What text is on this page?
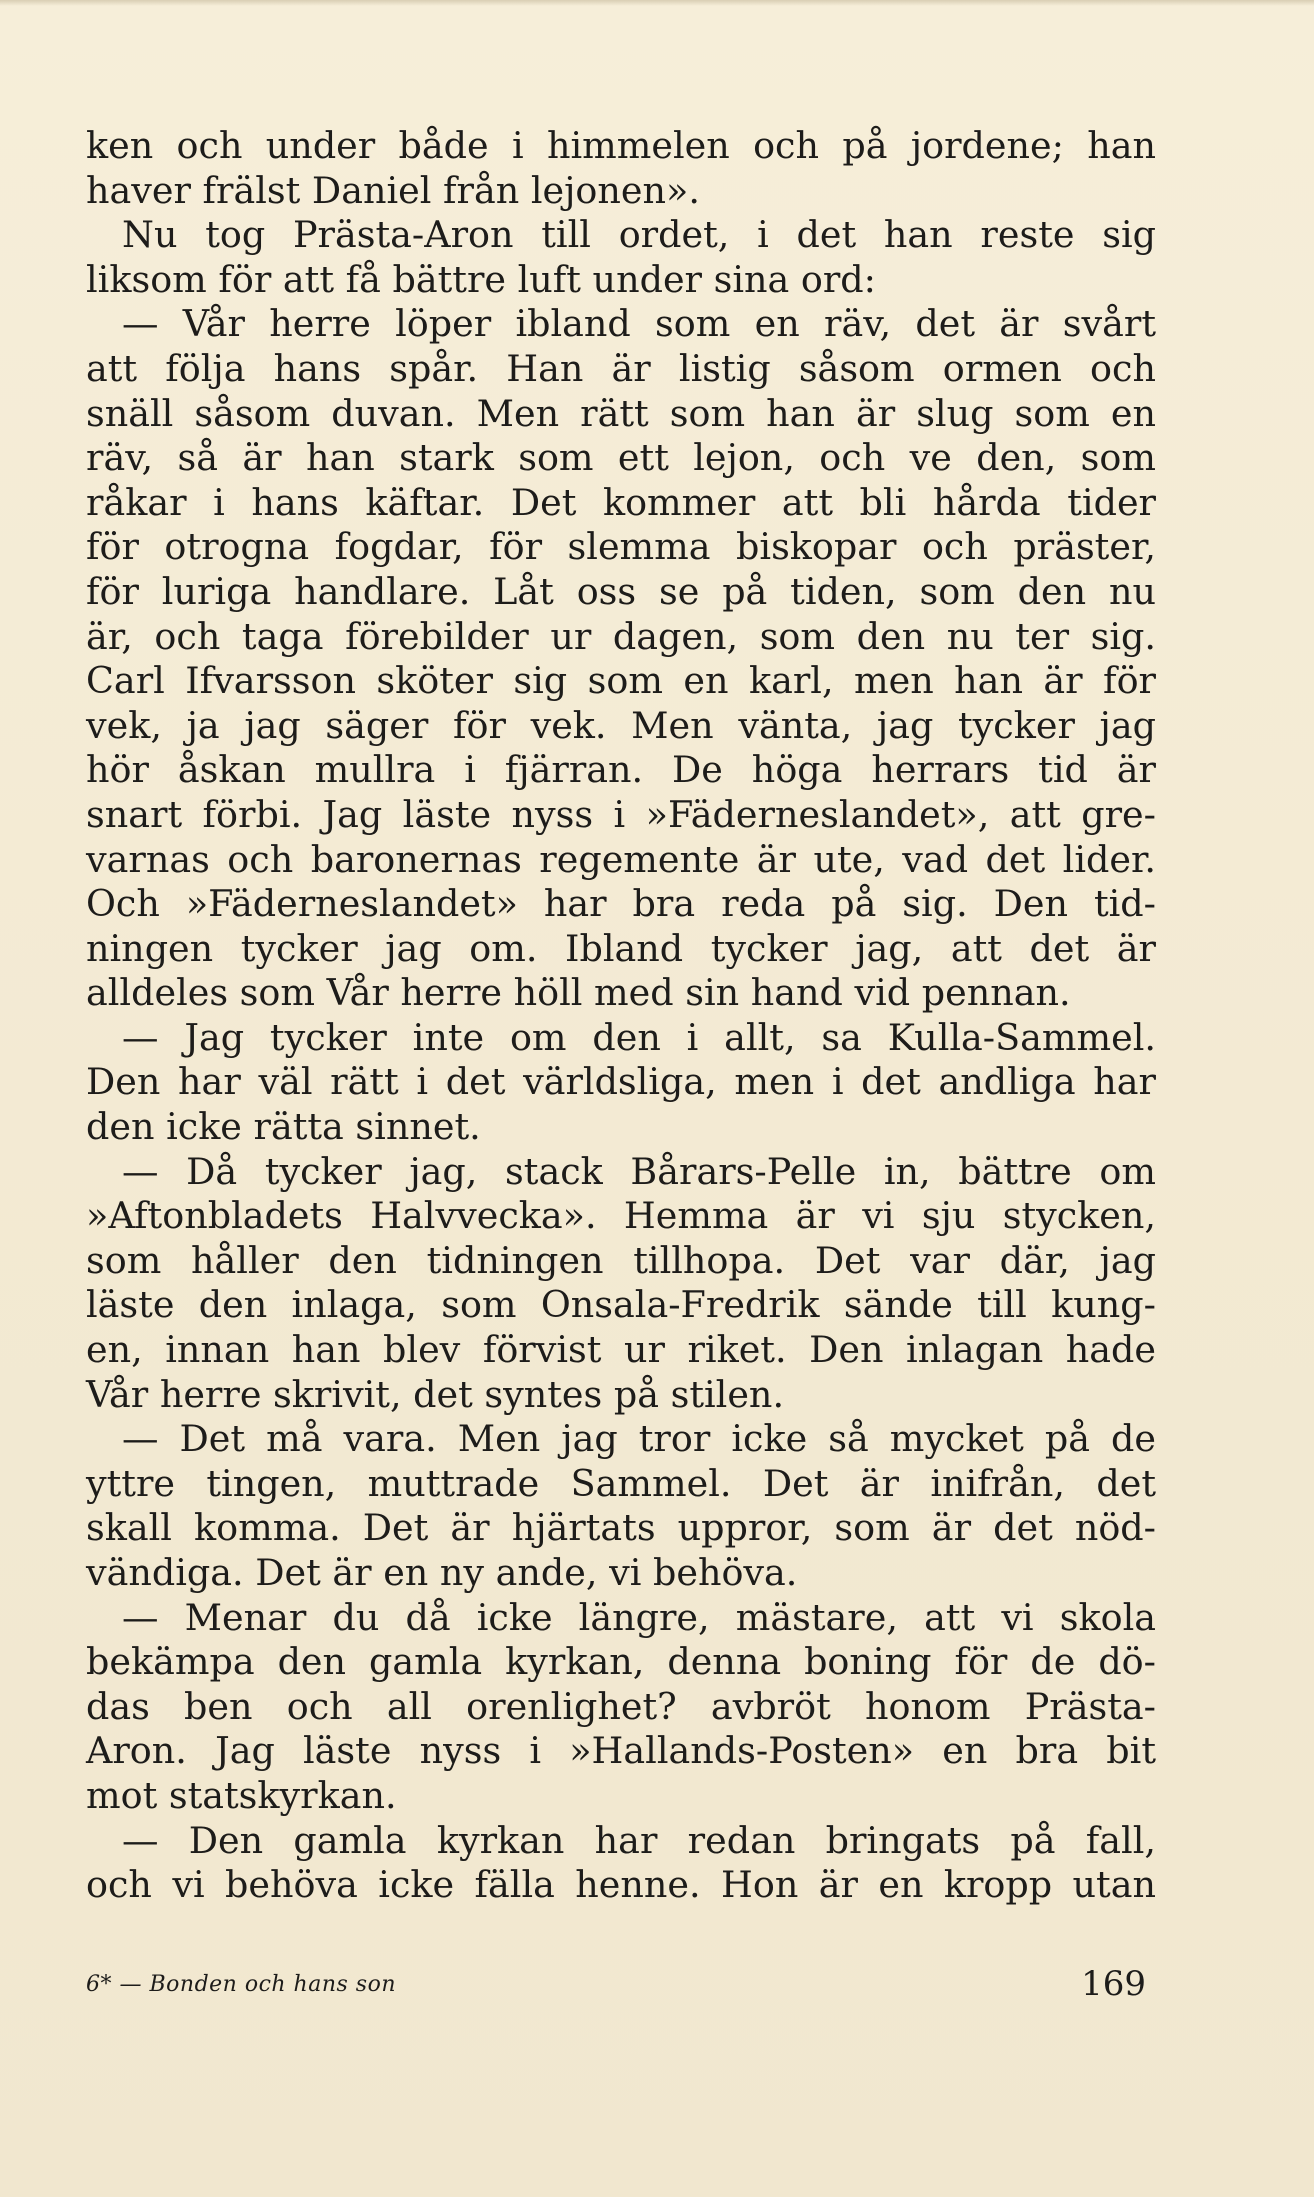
ken och under både i himmelen och på jordene; han
haver frälst Daniel från lejonen».
Nu tog Prästa-Aron till ordet, i det han reste sig
liksom för att få bättre luft under sina ord:
— Vår herre löper ibland som en räv, det är svårt
att följa hans spår. Han är listig såsom ormen och
snäll såsom duvan. Men rätt som han är slug som en
räv, så är han stark som ett lejon, och ve den, som
råkar i hans käftar. Det kommer att bli hårda tider
för otrogna fogdar, för slemma biskopar och präster,
för luriga handlare. Låt oss se på tiden, som den nu
är, och taga förebilder ur dagen, som den nu ter sig.
Carl Ifvarsson sköter sig som en karl, men han är för
vek, ja jag säger för vek. Men vänta, jag tycker jag
hör åskan mullra i fjärran. De höga herrars tid är
snart förbi. Jag läste nyss i »Fäderneslandet», att gre-
varnas och baronernas regemente är ute, vad det lider.
Och »Fäderneslandet» har bra reda på sig. Den tid-
ningen tycker jag om. Ibland tycker jag, att det är
alldeles som Vår herre höll med sin hand vid pennan.
— Jag tycker inte om den i allt, sa Kulla-Sammel.
Den har väl rätt i det världsliga, men i det andliga har
den icke rätta sinnet.
— Då tycker jag, stack Bårars-Pelle in, bättre om
»Aftonbladets Halvvecka». Hemma är vi sju stycken,
som håller den tidningen tillhopa. Det var där, jag
läste den inlaga, som Onsala-Fredrik sände till kung-
en, innan han blev förvist ur riket. Den inlagan hade
Vår herre skrivit, det syntes på stilen.
— Det må vara. Men jag tror icke så mycket på de
yttre tingen, muttrade Sammel. Det är inifrån, det
skall komma. Det är hjärtats uppror, som är det nöd-
vändiga. Det är en ny ande, vi behöva.
— Menar du då icke längre, mästare, att vi skola
bekämpa den gamla kyrkan, denna boning för de dö-
das ben och all orenlighet? avbröt honom Prästa-
Aron. Jag läste nyss i »Hallands-Posten» en bra bit
mot statskyrkan.
— Den gamla kyrkan har redan bringats på fall,
och vi behöva icke fälla henne. Hon är en kropp utan
6* — Bonden och hans son	169
